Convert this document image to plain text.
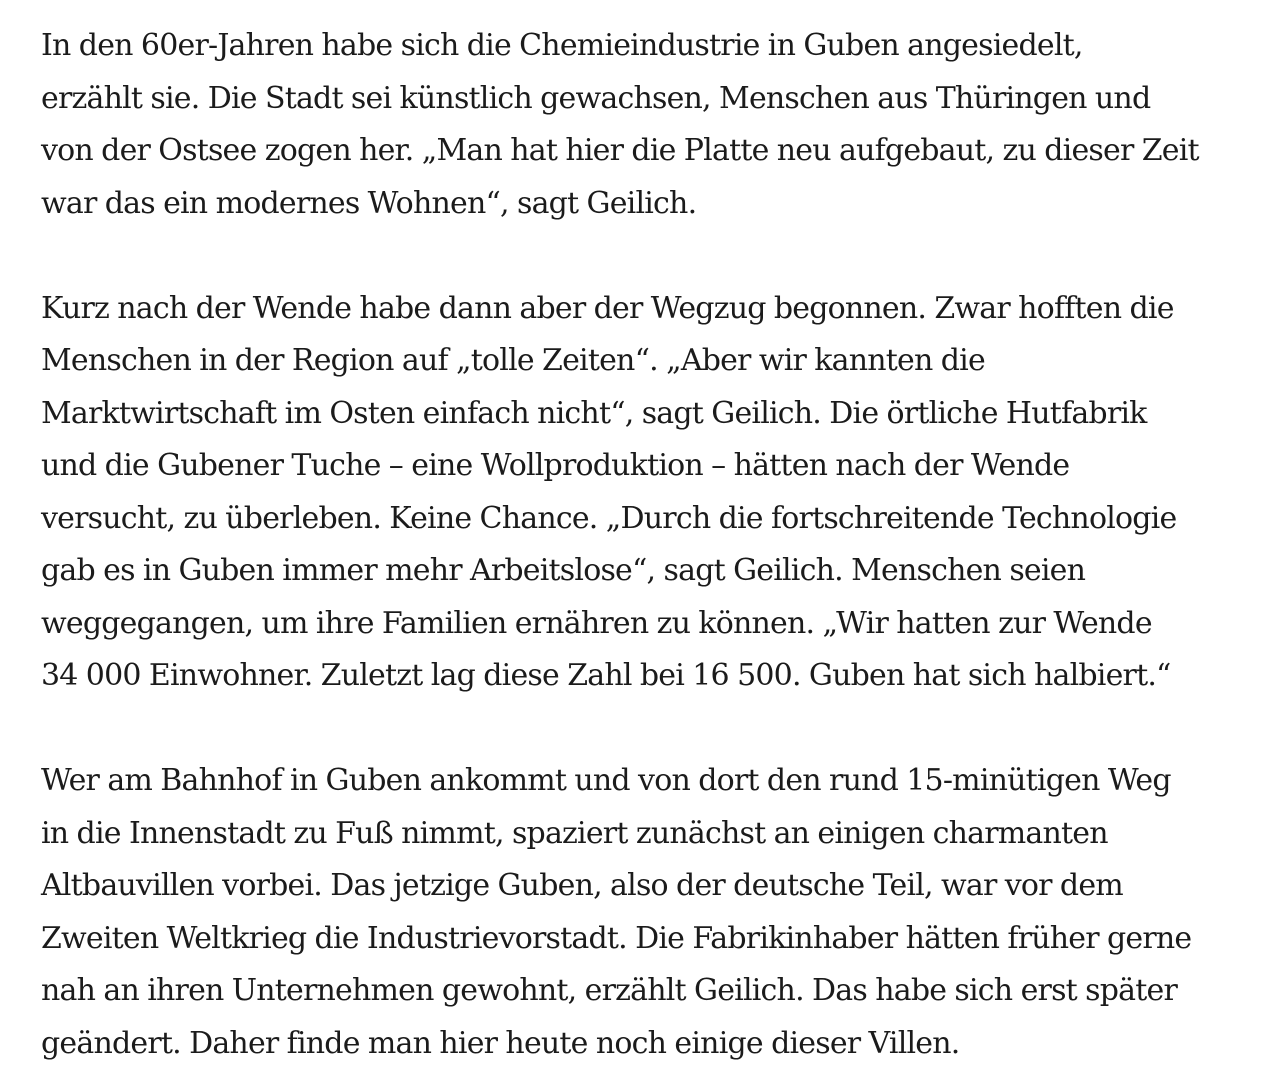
In den 60er-Jahren habe sich die Chemieindustrie in Guben angesiedelt,
erzählt sie. Die Stadt sei künstlich gewachsen, Menschen aus Thüringen und
von der Ostsee zogen her. „Man hat hier die Platte neu aufgebaut, zu dieser Zeit
war das ein modernes Wohnen“, sagt Geilich.

Kurz nach der Wende habe dann aber der Wegzug begonnen. Zwar hofften die
Menschen in der Region auf „tolle Zeiten“. „Aber wir kannten die
Marktwirtschaft im Osten einfach nicht“, sagt Geilich. Die örtliche Hutfabrik
und die Gubener Tuche – eine Wollproduktion – hätten nach der Wende
versucht, zu überleben. Keine Chance. „Durch die fortschreitende Technologie
gab es in Guben immer mehr Arbeitslose“, sagt Geilich. Menschen seien
weggegangen, um ihre Familien ernähren zu können. „Wir hatten zur Wende
34 000 Einwohner. Zuletzt lag diese Zahl bei 16 500. Guben hat sich halbiert.“

Wer am Bahnhof in Guben ankommt und von dort den rund 15-minütigen Weg
in die Innenstadt zu Fuß nimmt, spaziert zunächst an einigen charmanten
Altbauvillen vorbei. Das jetzige Guben, also der deutsche Teil, war vor dem
Zweiten Weltkrieg die Industrievorstadt. Die Fabrikinhaber hätten früher gerne
nah an ihren Unternehmen gewohnt, erzählt Geilich. Das habe sich erst später
geändert. Daher finde man hier heute noch einige dieser Villen.
